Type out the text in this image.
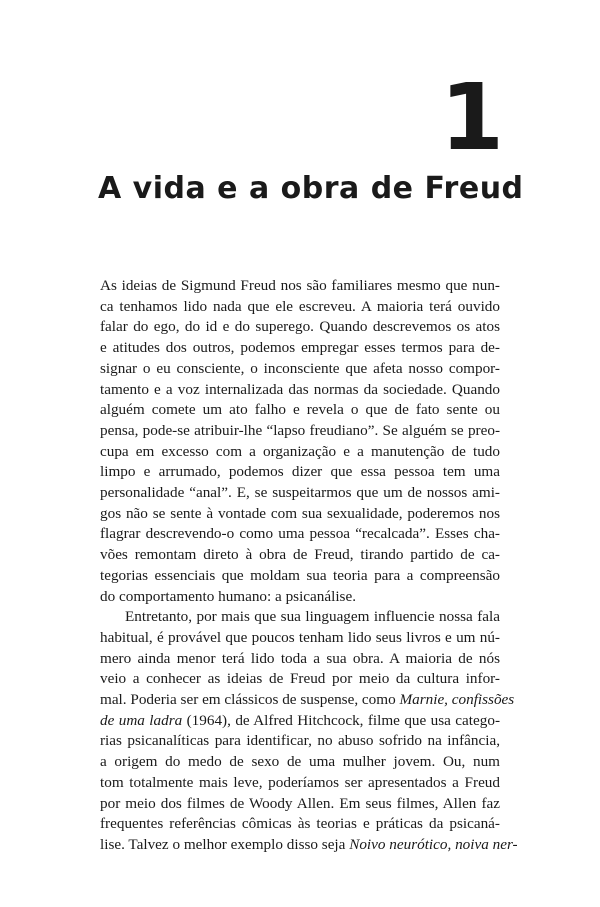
1
A vida e a obra de Freud

As ideias de Sigmund Freud nos são familiares mesmo que nun-
ca tenhamos lido nada que ele escreveu. A maioria terá ouvido
falar do ego, do id e do superego. Quando descrevemos os atos
e atitudes dos outros, podemos empregar esses termos para de-
signar o eu consciente, o inconsciente que afeta nosso compor-
tamento e a voz internalizada das normas da sociedade. Quando
alguém comete um ato falho e revela o que de fato sente ou
pensa, pode-se atribuir-lhe “lapso freudiano”. Se alguém se preo-
cupa em excesso com a organização e a manutenção de tudo
limpo e arrumado, podemos dizer que essa pessoa tem uma
personalidade “anal”. E, se suspeitarmos que um de nossos ami-
gos não se sente à vontade com sua sexualidade, poderemos nos
flagrar descrevendo-o como uma pessoa “recalcada”. Esses cha-
vões remontam direto à obra de Freud, tirando partido de ca-
tegorias essenciais que moldam sua teoria para a compreensão
do comportamento humano: a psicanálise.

Entretanto, por mais que sua linguagem influencie nossa fala
habitual, é provável que poucos tenham lido seus livros e um nú-
mero ainda menor terá lido toda a sua obra. A maioria de nós
veio a conhecer as ideias de Freud por meio da cultura infor-
mal. Poderia ser em clássicos de suspense, como Marnie, confissões
de uma ladra (1964), de Alfred Hitchcock, filme que usa catego-
rias psicanalíticas para identificar, no abuso sofrido na infância,
a origem do medo de sexo de uma mulher jovem. Ou, num
tom totalmente mais leve, poderíamos ser apresentados a Freud
por meio dos filmes de Woody Allen. Em seus filmes, Allen faz
frequentes referências cômicas às teorias e práticas da psicaná-
lise. Talvez o melhor exemplo disso seja Noivo neurótico, noiva ner-
